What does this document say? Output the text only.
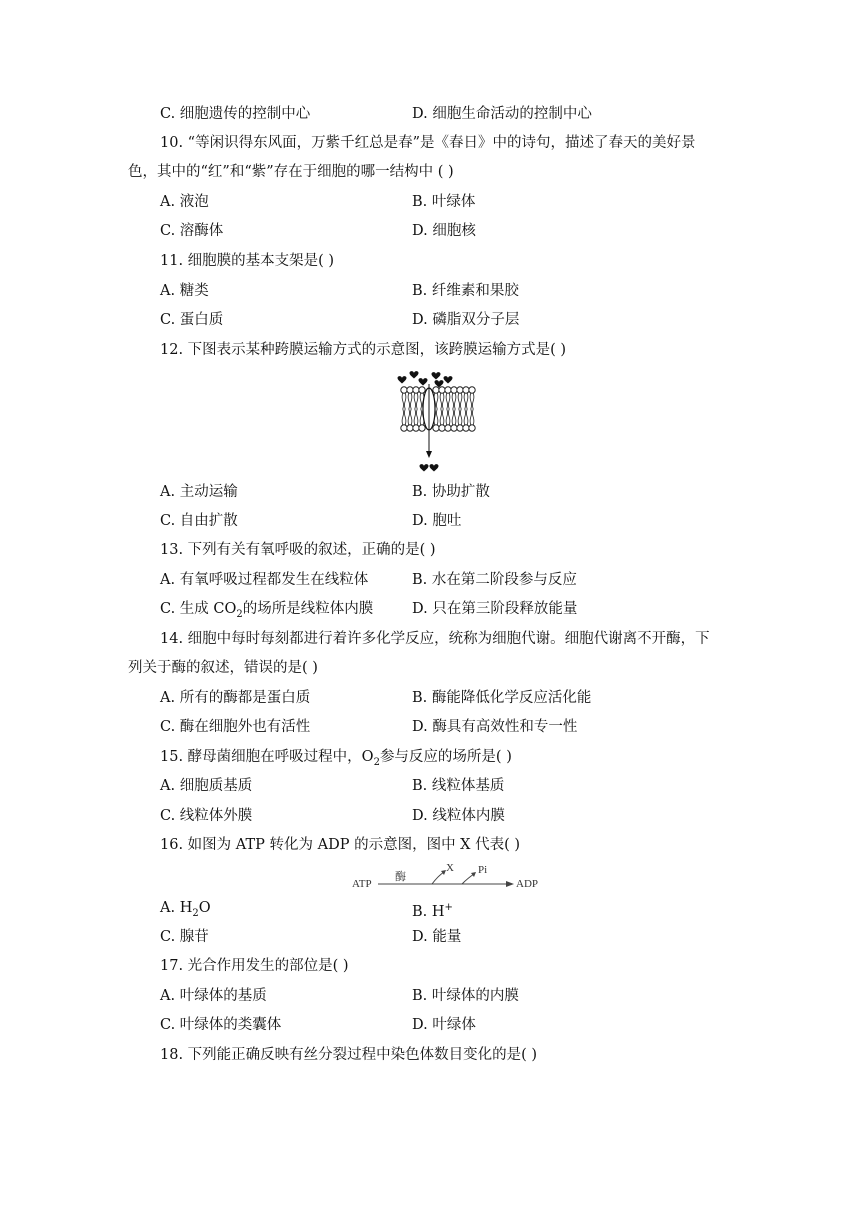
C. 细胞遗传的控制中心	D. 细胞生命活动的控制中心
10. “等闲识得东风面，万紫千红总是春”是《春日》中的诗句，描述了春天的美好景
色，其中的“红”和“紫”存在于细胞的哪一结构中 ( )
A. 液泡	B. 叶绿体
C. 溶酶体	D. 细胞核
11. 细胞膜的基本支架是( )
A. 糖类	B. 纤维素和果胶
C. 蛋白质	D. 磷脂双分子层
12. 下图表示某种跨膜运输方式的示意图，该跨膜运输方式是( )
A. 主动运输	B. 协助扩散
C. 自由扩散	D. 胞吐
13. 下列有关有氧呼吸的叙述，正确的是( )
A. 有氧呼吸过程都发生在线粒体	B. 水在第二阶段参与反应
C. 生成 $CO_2$的场所是线粒体内膜	D. 只在第三阶段释放能量
14. 细胞中每时每刻都进行着许多化学反应，统称为细胞代谢。细胞代谢离不开酶，下
列关于酶的叙述，错误的是( )
A. 所有的酶都是蛋白质	B. 酶能降低化学反应活化能
C. 酶在细胞外也有活性	D. 酶具有高效性和专一性
15. 酵母菌细胞在呼吸过程中，$O_2$参与反应的场所是( )
A. 细胞质基质	B. 线粒体基质
C. 线粒体外膜	D. 线粒体内膜
16. 如图为 ATP 转化为 ADP 的示意图，图中 X 代表( )
ATP
酶
X Pi
ADP
A. $H_2O$	B. H+
C. 腺苷	D. 能量
17. 光合作用发生的部位是( )
A. 叶绿体的基质	B. 叶绿体的内膜
C. 叶绿体的类囊体	D. 叶绿体
18. 下列能正确反映有丝分裂过程中染色体数目变化的是( )
